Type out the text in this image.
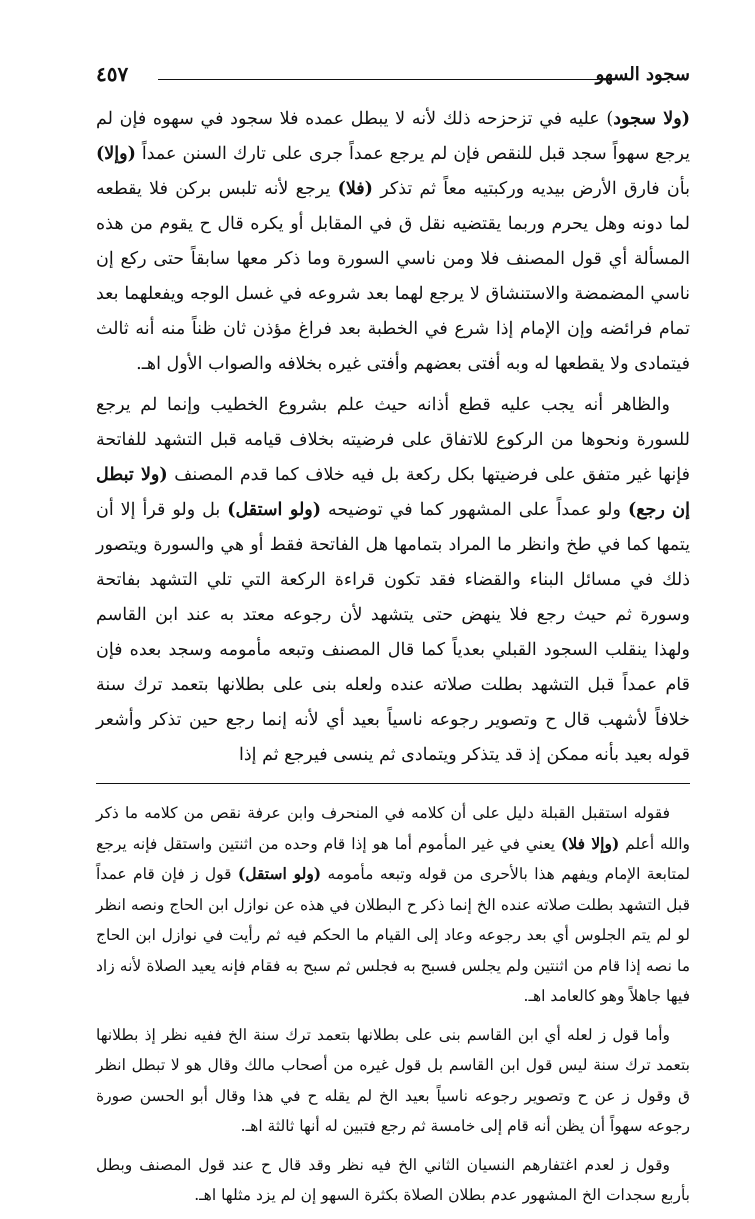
سجود السهو
٤٥٧

(ولا سجود) عليه في تزحزحه ذلك لأنه لا يبطل عمده فلا سجود في سهوه فإن لم يرجع سهواً سجد قبل للنقص فإن لم يرجع عمداً جرى على تارك السنن عمداً (وإلا) بأن فارق الأرض بيديه وركبتيه معاً ثم تذكر (فلا) يرجع لأنه تلبس بركن فلا يقطعه لما دونه وهل يحرم وربما يقتضيه نقل ق في المقابل أو يكره قال ح يقوم من هذه المسألة أي قول المصنف فلا ومن ناسي السورة وما ذكر معها سابقاً حتى ركع إن ناسي المضمضة والاستنشاق لا يرجع لهما بعد شروعه في غسل الوجه ويفعلهما بعد تمام فرائضه وإن الإمام إذا شرع في الخطبة بعد فراغ مؤذن ثان ظناً منه أنه ثالث فيتمادى ولا يقطعها له وبه أفتى بعضهم وأفتى غيره بخلافه والصواب الأول اهـ.

والظاهر أنه يجب عليه قطع أذانه حيث علم بشروع الخطيب وإنما لم يرجع للسورة ونحوها من الركوع للاتفاق على فرضيته بخلاف قيامه قبل التشهد للفاتحة فإنها غير متفق على فرضيتها بكل ركعة بل فيه خلاف كما قدم المصنف (ولا تبطل إن رجع) ولو عمداً على المشهور كما في توضيحه (ولو استقل) بل ولو قرأ إلا أن يتمها كما في طخ وانظر ما المراد بتمامها هل الفاتحة فقط أو هي والسورة ويتصور ذلك في مسائل البناء والقضاء فقد تكون قراءة الركعة التي تلي التشهد بفاتحة وسورة ثم حيث رجع فلا ينهض حتى يتشهد لأن رجوعه معتد به عند ابن القاسم ولهذا ينقلب السجود القبلي بعدياً كما قال المصنف وتبعه مأمومه وسجد بعده فإن قام عمداً قبل التشهد بطلت صلاته عنده ولعله بنى على بطلانها بتعمد ترك سنة خلافاً لأشهب قال ح وتصوير رجوعه ناسياً بعيد أي لأنه إنما رجع حين تذكر وأشعر قوله بعيد بأنه ممكن إذ قد يتذكر ويتمادى ثم ينسى فيرجع ثم إذا

فقوله استقبل القبلة دليل على أن كلامه في المنحرف وابن عرفة نقص من كلامه ما ذكر والله أعلم (وإلا فلا) يعني في غير المأموم أما هو إذا قام وحده من اثنتين واستقل فإنه يرجع لمتابعة الإمام ويفهم هذا بالأحرى من قوله وتبعه مأمومه (ولو استقل) قول ز فإن قام عمداً قبل التشهد بطلت صلاته عنده الخ إنما ذكر ح البطلان في هذه عن نوازل ابن الحاج ونصه انظر لو لم يتم الجلوس أي بعد رجوعه وعاد إلى القيام ما الحكم فيه ثم رأيت في نوازل ابن الحاج ما نصه إذا قام من اثنتين ولم يجلس فسبح به فجلس ثم سبح به فقام فإنه يعيد الصلاة لأنه زاد فيها جاهلاً وهو كالعامد اهـ.

وأما قول ز لعله أي ابن القاسم بنى على بطلانها بتعمد ترك سنة الخ ففيه نظر إذ بطلانها بتعمد ترك سنة ليس قول ابن القاسم بل قول غيره من أصحاب مالك وقال هو لا تبطل انظر ق وقول ز عن ح وتصوير رجوعه ناسياً بعيد الخ لم يقله ح في هذا وقال أبو الحسن صورة رجوعه سهواً أن يظن أنه قام إلى خامسة ثم رجع فتبين له أنها ثالثة اهـ.

وقول ز لعدم اغتفارهم النسيان الثاني الخ فيه نظر وقد قال ح عند قول المصنف وبطل بأربع سجدات الخ المشهور عدم بطلان الصلاة بكثرة السهو إن لم يزد مثلها اهـ.
